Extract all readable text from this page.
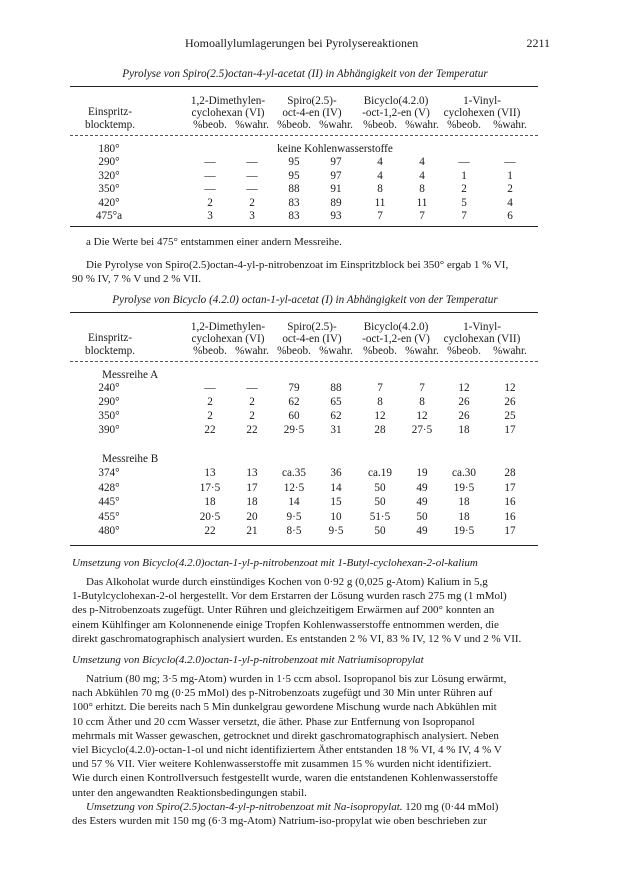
Homoallylumlagerungen bei Pyrolysereaktionen	2211
Pyrolyse von Spiro(2.5)octan-4-yl-acetat (II) in Abhängigkeit von der Temperatur
Einspritz-
blocktemp.
1,2-Dimethylen-
cyclohexan (VI)
Spiro(2.5)-
oct-4-en (IV)
Bicyclo(4.2.0)
-oct-1,2-en (V)
1-Vinyl-
cyclohexen (VII)
%beob. %wahr. %beob. %wahr. %beob. %wahr. %beob.	%wahr.
180°	keine Kohlenwasserstoffe
290°	—	—	95	97	4	4	—	—
320°	—	—	95	97	4	4	1	1
350°	—	—	88	91	8	8	2	2
420°	2	2	83	89	11	11	5	4
475°a	3	3	83	93	7	7	7	6
a Die Werte bei 475° entstammen einer andern Messreihe.

Die Pyrolyse von Spiro(2.5)octan-4-yl-p-nitrobenzoat im Einspritzblock bei 350° ergab 1 % VI,

90 % IV, 7 % V und 2 % VII.

Pyrolyse von Bicyclo (4.2.0) octan-1-yl-acetat (I) in Abhängigkeit von der Temperatur
Einspritz-
blocktemp.
1,2-Dimethylen-
cyclohexan (VI)
Spiro(2.5)-
oct-4-en (IV)
Bicyclo(4.2.0)
-oct-1,2-en (V)
1-Vinyl-
cyclohexan (VII)
%beob. %wahr. %beob. %wahr. %beob. %wahr. %beob.	%wahr.
Messreihe A
240°	—	—	79	88	7	7	12	12
290°	2	2	62	65	8	8	26	26
350°	2	2	60	62	12	12	26	25
390°	22	22	29·5	31	28	27·5	18	17
Messreihe B
374°	13	13	ca.35	36	ca.19	19	ca.30	28
428°	17·5	17	12·5	14	50	49	19·5	17
445°	18	18	14	15	50	49	18	16
455°	20·5	20	9·5	10	51·5	50	18	16
480°	22	21	8·5	9·5	50	49	19·5	17
Umsetzung von Bicyclo(4.2.0)octan-1-yl-p-nitrobenzoat mit 1-Butyl-cyclohexan-2-ol-kalium

Das Alkoholat wurde durch einstündiges Kochen von 0·92 g (0,025 g-Atom) Kalium in 5,g

1-Butylcyclohexan-2-ol hergestellt. Vor dem Erstarren der Lösung wurden rasch 275 mg (1 mMol)

des p-Nitrobenzoats zugefügt. Unter Rühren und gleichzeitigem Erwärmen auf 200° konnten an

einem Kühlfinger am Kolonnenende einige Tropfen Kohlenwasserstoffe entnommen werden, die

direkt gaschromatographisch analysiert wurden. Es entstanden 2 % VI, 83 % IV, 12 % V und 2 % VII.

Umsetzung von Bicyclo(4.2.0)octan-1-yl-p-nitrobenzoat mit Natriumisopropylat

Natrium (80 mg; 3·5 mg-Atom) wurden in 1·5 ccm absol. Isopropanol bis zur Lösung erwärmt,

nach Abkühlen 70 mg (0·25 mMol) des p-Nitrobenzoats zugefügt und 30 Min unter Rühren auf

100° erhitzt. Die bereits nach 5 Min dunkelgrau gewordene Mischung wurde nach Abkühlen mit

10 ccm Äther und 20 ccm Wasser versetzt, die äther. Phase zur Entfernung von Isopropanol

mehrmals mit Wasser gewaschen, getrocknet und direkt gaschromatographisch analysiert. Neben

viel Bicyclo(4.2.0)-octan-1-ol und nicht identifiziertem Äther entstanden 18 % VI, 4 % IV, 4 % V

und 57 % VII. Vier weitere Kohlenwasserstoffe mit zusammen 15 % wurden nicht identifiziert.

Wie durch einen Kontrollversuch festgestellt wurde, waren die entstandenen Kohlenwasserstoffe

unter den angewandten Reaktionsbedingungen stabil.

Umsetzung von Spiro(2.5)octan-4-yl-p-nitrobenzoat mit Na-isopropylat. 120 mg (0·44 mMol)

des Esters wurden mit 150 mg (6·3 mg-Atom) Natrium-iso-propylat wie oben beschrieben zur
